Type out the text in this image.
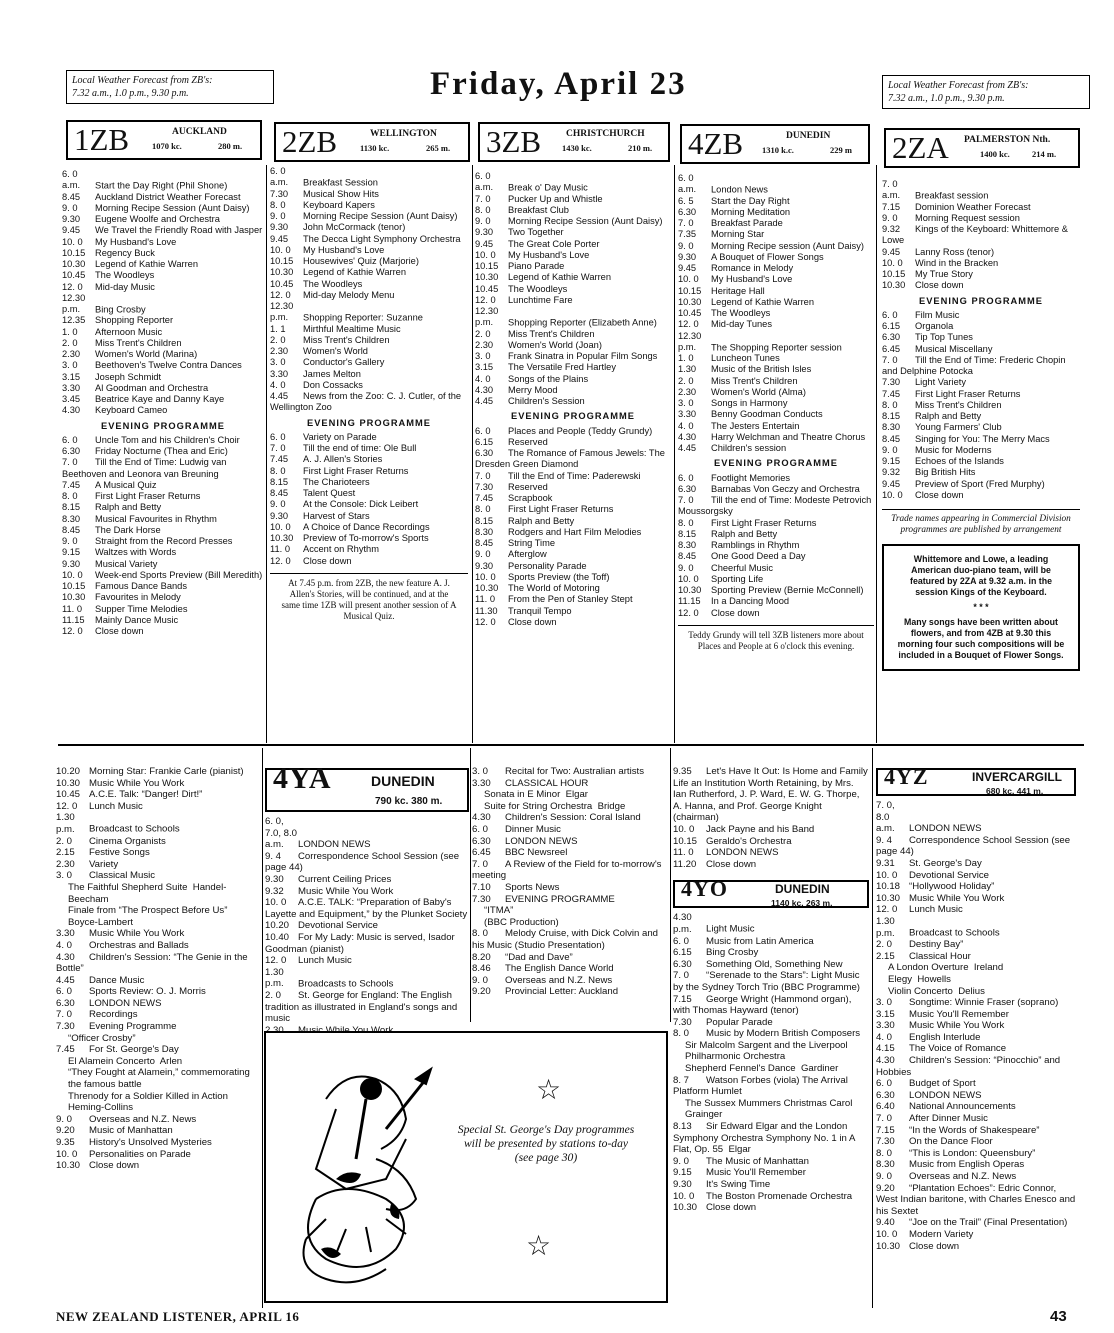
Local Weather Forecast from ZB's:
7.32 a.m., 1.0 p.m., 9.30 p.m.	Friday, April 23	Local Weather Forecast from ZB's:
7.32 a.m., 1.0 p.m., 9.30 p.m.
1ZB	AUCKLAND
1070 kc.	280 m. 2ZB	WELLINGTON
1130 kc.	265 m. 3ZB	CHRISTCHURCH
1430 kc.	210 m. 4ZB	DUNEDIN
1310 k.c.	229 m 2ZA PALMERSTON Nth.
1400 kc.	214 m.
6. 0 a.m. Start the Day Right (Phil Shone)
8.45 Auckland District Weather Forecast
9. 0 Morning Recipe Session (Aunt Daisy)
9.30 Eugene Woolfe and Orchestra
9.45 We Travel the Friendly Road with Jasper
10. 0 My Husband's Love
10.15 Regency Buck
10.30 Legend of Kathie Warren
10.45 The Woodleys
12. 0 Mid-day Music
12.30 p.m. Bing Crosby
12.35 Shopping Reporter
1. 0 Afternoon Music
2. 0 Miss Trent's Children
2.30 Women's World (Marina)
3. 0 Beethoven's Twelve Contra Dances
3.15 Joseph Schmidt
3.30 Al Goodman and Orchestra
3.45 Beatrice Kaye and Danny Kaye
4.30 Keyboard Cameo
EVENING PROGRAMME
6. 0 Uncle Tom and his Children's Choir
6.30 Friday Nocturne (Thea and Eric)
7. 0 Till the End of Time: Ludwig van Beethoven and Leonora van Breuning
7.45 A Musical Quiz
8. 0 First Light Fraser Returns
8.15 Ralph and Betty
8.30 Musical Favourites in Rhythm
8.45 The Dark Horse
9. 0 Straight from the Record Presses
9.15 Waltzes with Words
9.30 Musical Variety
10. 0 Week-end Sports Preview (Bill Meredith)
10.15 Famous Dance Bands
10.30 Favourites in Melody
11. 0 Supper Time Melodies
11.15 Mainly Dance Music
12. 0 Close down
6. 0 a.m. Breakfast Session
7.30 Musical Show Hits
8. 0 Keyboard Kapers
9. 0 Morning Recipe Session (Aunt Daisy)
9.30 John McCormack (tenor)
9.45 The Decca Light Symphony Orchestra
10. 0 My Husband's Love
10.15 Housewives' Quiz (Marjorie)
10.30 Legend of Kathie Warren
10.45 The Woodleys
12. 0 Mid-day Melody Menu
12.30 p.m. Shopping Reporter: Suzanne
1. 1 Mirthful Mealtime Music
2. 0 Miss Trent's Children
2.30 Women's World
3. 0 Conductor's Gallery
3.30 James Melton
4. 0 Don Cossacks
4.45 News from the Zoo: C. J. Cutler, of the Wellington Zoo
EVENING PROGRAMME
6. 0 Variety on Parade
7. 0 Till the end of time: Ole Bull
7.45 A. J. Allen's Stories
8. 0 First Light Fraser Returns
8.15 The Charioteers
8.45 Talent Quest
9. 0 At the Console: Dick Leibert
9.30 Harvest of Stars
10. 0 A Choice of Dance Recordings
10.30 Preview of To-morrow's Sports
11. 0 Accent on Rhythm
12. 0 Close down
At 7.45 p.m. from 2ZB, the new feature A. J. Allen's Stories, will be continued, and at the same time 1ZB will present another session of A Musical Quiz.
6. 0 a.m. Break o' Day Music
7. 0 Pucker Up and Whistle
8. 0 Breakfast Club
9. 0 Morning Recipe Session (Aunt Daisy)
9.30 Two Together
9.45 The Great Cole Porter
10. 0 My Husband's Love
10.15 Piano Parade
10.30 Legend of Kathie Warren
10.45 The Woodleys
12. 0 Lunchtime Fare
12.30 p.m. Shopping Reporter (Elizabeth Anne)
2. 0 Miss Trent's Children
2.30 Women's World (Joan)
3. 0 Frank Sinatra in Popular Film Songs
3.15 The Versatile Fred Hartley
4. 0 Songs of the Plains
4.30 Merry Mood
4.45 Children's Session
EVENING PROGRAMME
6. 0 Places and People (Teddy Grundy)
6.15 Reserved
6.30 The Romance of Famous Jewels: The Dresden Green Diamond
7. 0 Till the End of Time: Paderewski
7.30 Reserved
7.45 Scrapbook
8. 0 First Light Fraser Returns
8.15 Ralph and Betty
8.30 Rodgers and Hart Film Melodies
8.45 String Time
9. 0 Afterglow
9.30 Personality Parade
10. 0 Sports Preview (the Toff)
10.30 The World of Motoring
11. 0 From the Pen of Stanley Stept
11.30 Tranquil Tempo
12. 0 Close down
6. 0 a.m. London News
6. 5 Start the Day Right
6.30 Morning Meditation
7. 0 Breakfast Parade
7.35 Morning Star
9. 0 Morning Recipe session (Aunt Daisy)
9.30 A Bouquet of Flower Songs
9.45 Romance in Melody
10. 0 My Husband's Love
10.15 Heritage Hall
10.30 Legend of Kathie Warren
10.45 The Woodleys
12. 0 Mid-day Tunes
12.30 p.m. The Shopping Reporter session
1. 0 Luncheon Tunes
1.30 Music of the British Isles
2. 0 Miss Trent's Children
2.30 Women's World (Alma)
3. 0 Songs in Harmony
3.30 Benny Goodman Conducts
4. 0 The Jesters Entertain
4.30 Harry Welchman and Theatre Chorus
4.45 Children's session
EVENING PROGRAMME
6. 0 Footlight Memories
6.30 Barnabas Von Geczy and Orchestra
7. 0 Till the end of Time: Modeste Petrovich Moussorgsky
8. 0 First Light Fraser Returns
8.15 Ralph and Betty
8.30 Ramblings in Rhythm
8.45 One Good Deed a Day
9. 0 Cheerful Music
10. 0 Sporting Life
10.30 Sporting Preview (Bernie McConnell)
11.15 In a Dancing Mood
12. 0 Close down
Teddy Grundy will tell 3ZB listeners more about Places and People at 6 o'clock this evening.
7. 0 a.m. Breakfast session
7.15 Dominion Weather Forecast
9. 0 Morning Request session
9.32 Kings of the Keyboard: Whittemore & Lowe
9.45 Lanny Ross (tenor)
10. 0 Wind in the Bracken
10.15 My True Story
10.30 Close down
EVENING PROGRAMME
6. 0 Film Music
6.15 Organola
6.30 Tip Top Tunes
6.45 Musical Miscellany
7. 0 Till the End of Time: Frederic Chopin and Delphine Potocka
7.30 Light Variety
7.45 First Light Fraser Returns
8. 0 Miss Trent's Children
8.15 Ralph and Betty
8.30 Young Farmers' Club
8.45 Singing for You: The Merry Macs
9. 0 Music for Moderns
9.15 Echoes of the Islands
9.32 Big British Hits
9.45 Preview of Sport (Fred Murphy)
10. 0 Close down
Trade names appearing in Commercial Division programmes are published by arrangement
Whittemore and Lowe, a leading American duo-piano team, will be featured by 2ZA at 9.32 a.m. in the session Kings of the Keyboard.
* * *
Many songs have been written about flowers, and from 4ZB at 9.30 this morning four such compositions will be included in a Bouquet of Flower Songs.
10.20 Morning Star: Frankie Carle (pianist)
10.30 Music While You Work
10.45 A.C.E. Talk: “Danger! Dirt!”
12. 0 Lunch Music
1.30 p.m. Broadcast to Schools
2. 0 Cinema Organists
2.15 Festive Songs
2.30 Variety
3. 0 Classical Music
The Faithful Shepherd Suite  Handel-Beecham
Finale from “The Prospect Before Us”  Boyce-Lambert
3.30 Music While You Work
4. 0 Orchestras and Ballads
4.30 Children's Session: “The Genie in the Bottle”
4.45 Dance Music
6. 0 Sports Review: O. J. Morris
6.30 LONDON NEWS
7. 0 Recordings
7.30 Evening Programme
“Officer Crosby”
7.45 For St. George's Day
El Alamein Concerto  Arlen
“They Fought at Alamein,” commemorating the famous battle
Threnody for a Soldier Killed in Action  Heming-Collins
9. 0 Overseas and N.Z. News
9.20 Music of Manhattan
9.35 History's Unsolved Mysteries
10. 0 Personalities on Parade
10.30 Close down
4YA	DUNEDIN
790 kc. 380 m.
6. 0, 7.0, 8.0 a.m. LONDON NEWS
9. 4 Correspondence School Session (see page 44)
9.30 Current Ceiling Prices
9.32 Music While You Work
10. 0 A.C.E. TALK: “Preparation of Baby's Layette and Equipment,” by the Plunket Society
10.20 Devotional Service
10.40 For My Lady: Music is served, Isador Goodman (pianist)
12. 0 Lunch Music
1.30 p.m. Broadcasts to Schools
2. 0 St. George for England: The English tradition as illustrated in England's songs and music
2.30 Music While You Work
3. 0 Recital for Two: Australian artists
3.30 CLASSICAL HOUR
Sonata in E Minor  Elgar
Suite for String Orchestra  Bridge
4.30 Children's Session: Coral Island
6. 0 Dinner Music
6.30 LONDON NEWS
6.45 BBC Newsreel
7. 0 A Review of the Field for to-morrow's meeting
7.10 Sports News
7.30 EVENING PROGRAMME
“ITMA”
(BBC Production)
8. 0 Melody Cruise, with Dick Colvin and his Music (Studio Presentation)
8.20 “Dad and Dave”
8.46 The English Dance World
9. 0 Overseas and N.Z. News
9.20 Provincial Letter: Auckland
☆
Special St. George's Day programmes will be presented by stations to-day (see page 30)
☆
9.35 Let's Have It Out: Is Home and Family Life an Institution Worth Retaining, by Mrs. Ian Rutherford, J. P. Ward, E. W. G. Thorpe, A. Hanna, and Prof. George Knight (chairman)
10. 0 Jack Payne and his Band
10.15 Geraldo's Orchestra
11. 0 LONDON NEWS
11.20 Close down
4YO	DUNEDIN
1140 kc. 263 m.
4.30 p.m. Light Music
6. 0 Music from Latin America
6.15 Bing Crosby
6.30 Something Old, Something New
7. 0 “Serenade to the Stars”: Light Music by the Sydney Torch Trio (BBC Programme)
7.15 George Wright (Hammond organ), with Thomas Hayward (tenor)
7.30 Popular Parade
8. 0 Music by Modern British Composers
Sir Malcolm Sargent and the Liverpool Philharmonic Orchestra
Shepherd Fennel's Dance  Gardiner
8. 7 Watson Forbes (viola) The Arrival Platform Humlet
The Sussex Mummers Christmas Carol  Grainger
8.13 Sir Edward Elgar and the London Symphony Orchestra Symphony No. 1 in A Flat, Op. 55  Elgar
9. 0 The Music of Manhattan
9.15 Music You'll Remember
9.30 It's Swing Time
10. 0 The Boston Promenade Orchestra
10.30 Close down
4YZ	INVERCARGILL
680 kc. 441 m.
7. 0, 8.0 a.m. LONDON NEWS
9. 4 Correspondence School Session (see page 44)
9.31 St. George's Day
10. 0 Devotional Service
10.18 “Hollywood Holiday”
10.30 Music While You Work
12. 0 Lunch Music
1.30 p.m. Broadcast to Schools
2. 0 Destiny Bay”
2.15 Classical Hour
A London Overture  Ireland
Elegy  Howells
Violin Concerto  Delius
3. 0 Songtime: Winnie Fraser (soprano)
3.15 Music You'll Remember
3.30 Music While You Work
4. 0 English Interlude
4.15 The Voice of Romance
4.30 Children's Session: “Pinocchio” and Hobbies
6. 0 Budget of Sport
6.30 LONDON NEWS
6.40 National Announcements
7. 0 After Dinner Music
7.15 “In the Words of Shakespeare”
7.30 On the Dance Floor
8. 0 “This is London: Queensbury”
8.30 Music from English Operas
9. 0 Overseas and N.Z. News
9.20 “Plantation Echoes”: Edric Connor, West Indian baritone, with Charles Enesco and his Sextet
9.40 “Joe on the Trail” (Final Presentation)
10. 0 Modern Variety
10.30 Close down
NEW ZEALAND LISTENER, APRIL 16	43
